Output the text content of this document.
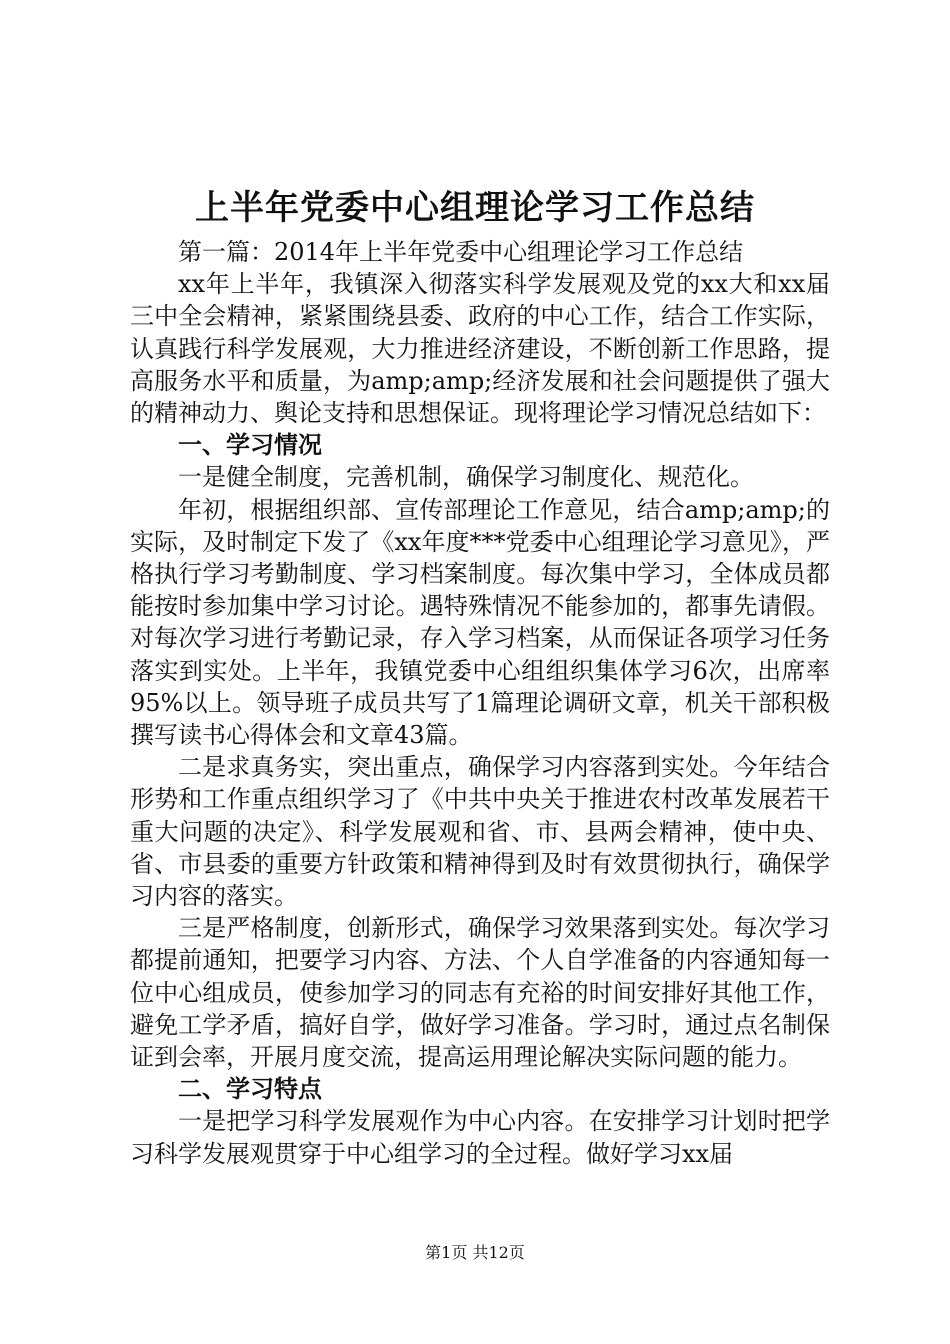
上半年党委中心组理论学习工作总结

第一篇：2014年上半年党委中心组理论学习工作总结

xx年上半年，我镇深入彻落实科学发展观及党的xx大和xx届三中全会精神，紧紧围绕县委、政府的中心工作，结合工作实际，认真践行科学发展观，大力推进经济建设，不断创新工作思路，提高服务水平和质量，为amp;amp;经济发展和社会问题提供了强大的精神动力、舆论支持和思想保证。现将理论学习情况总结如下：

一、学习情况

一是健全制度，完善机制，确保学习制度化、规范化。

年初，根据组织部、宣传部理论工作意见，结合amp;amp;的实际，及时制定下发了《xx年度***党委中心组理论学习意见》，严格执行学习考勤制度、学习档案制度。每次集中学习，全体成员都能按时参加集中学习讨论。遇特殊情况不能参加的，都事先请假。对每次学习进行考勤记录，存入学习档案，从而保证各项学习任务落实到实处。上半年，我镇党委中心组组织集体学习6次，出席率95%以上。领导班子成员共写了1篇理论调研文章，机关干部积极撰写读书心得体会和文章43篇。

二是求真务实，突出重点，确保学习内容落到实处。今年结合形势和工作重点组织学习了《中共中央关于推进农村改革发展若干重大问题的决定》、科学发展观和省、市、县两会精神，使中央、省、市县委的重要方针政策和精神得到及时有效贯彻执行，确保学习内容的落实。

三是严格制度，创新形式，确保学习效果落到实处。每次学习都提前通知，把要学习内容、方法、个人自学准备的内容通知每一位中心组成员，使参加学习的同志有充裕的时间安排好其他工作，避免工学矛盾，搞好自学，做好学习准备。学习时，通过点名制保证到会率，开展月度交流，提高运用理论解决实际问题的能力。

二、学习特点

一是把学习科学发展观作为中心内容。在安排学习计划时把学习科学发展观贯穿于中心组学习的全过程。做好学习xx届

第1页 共12页
